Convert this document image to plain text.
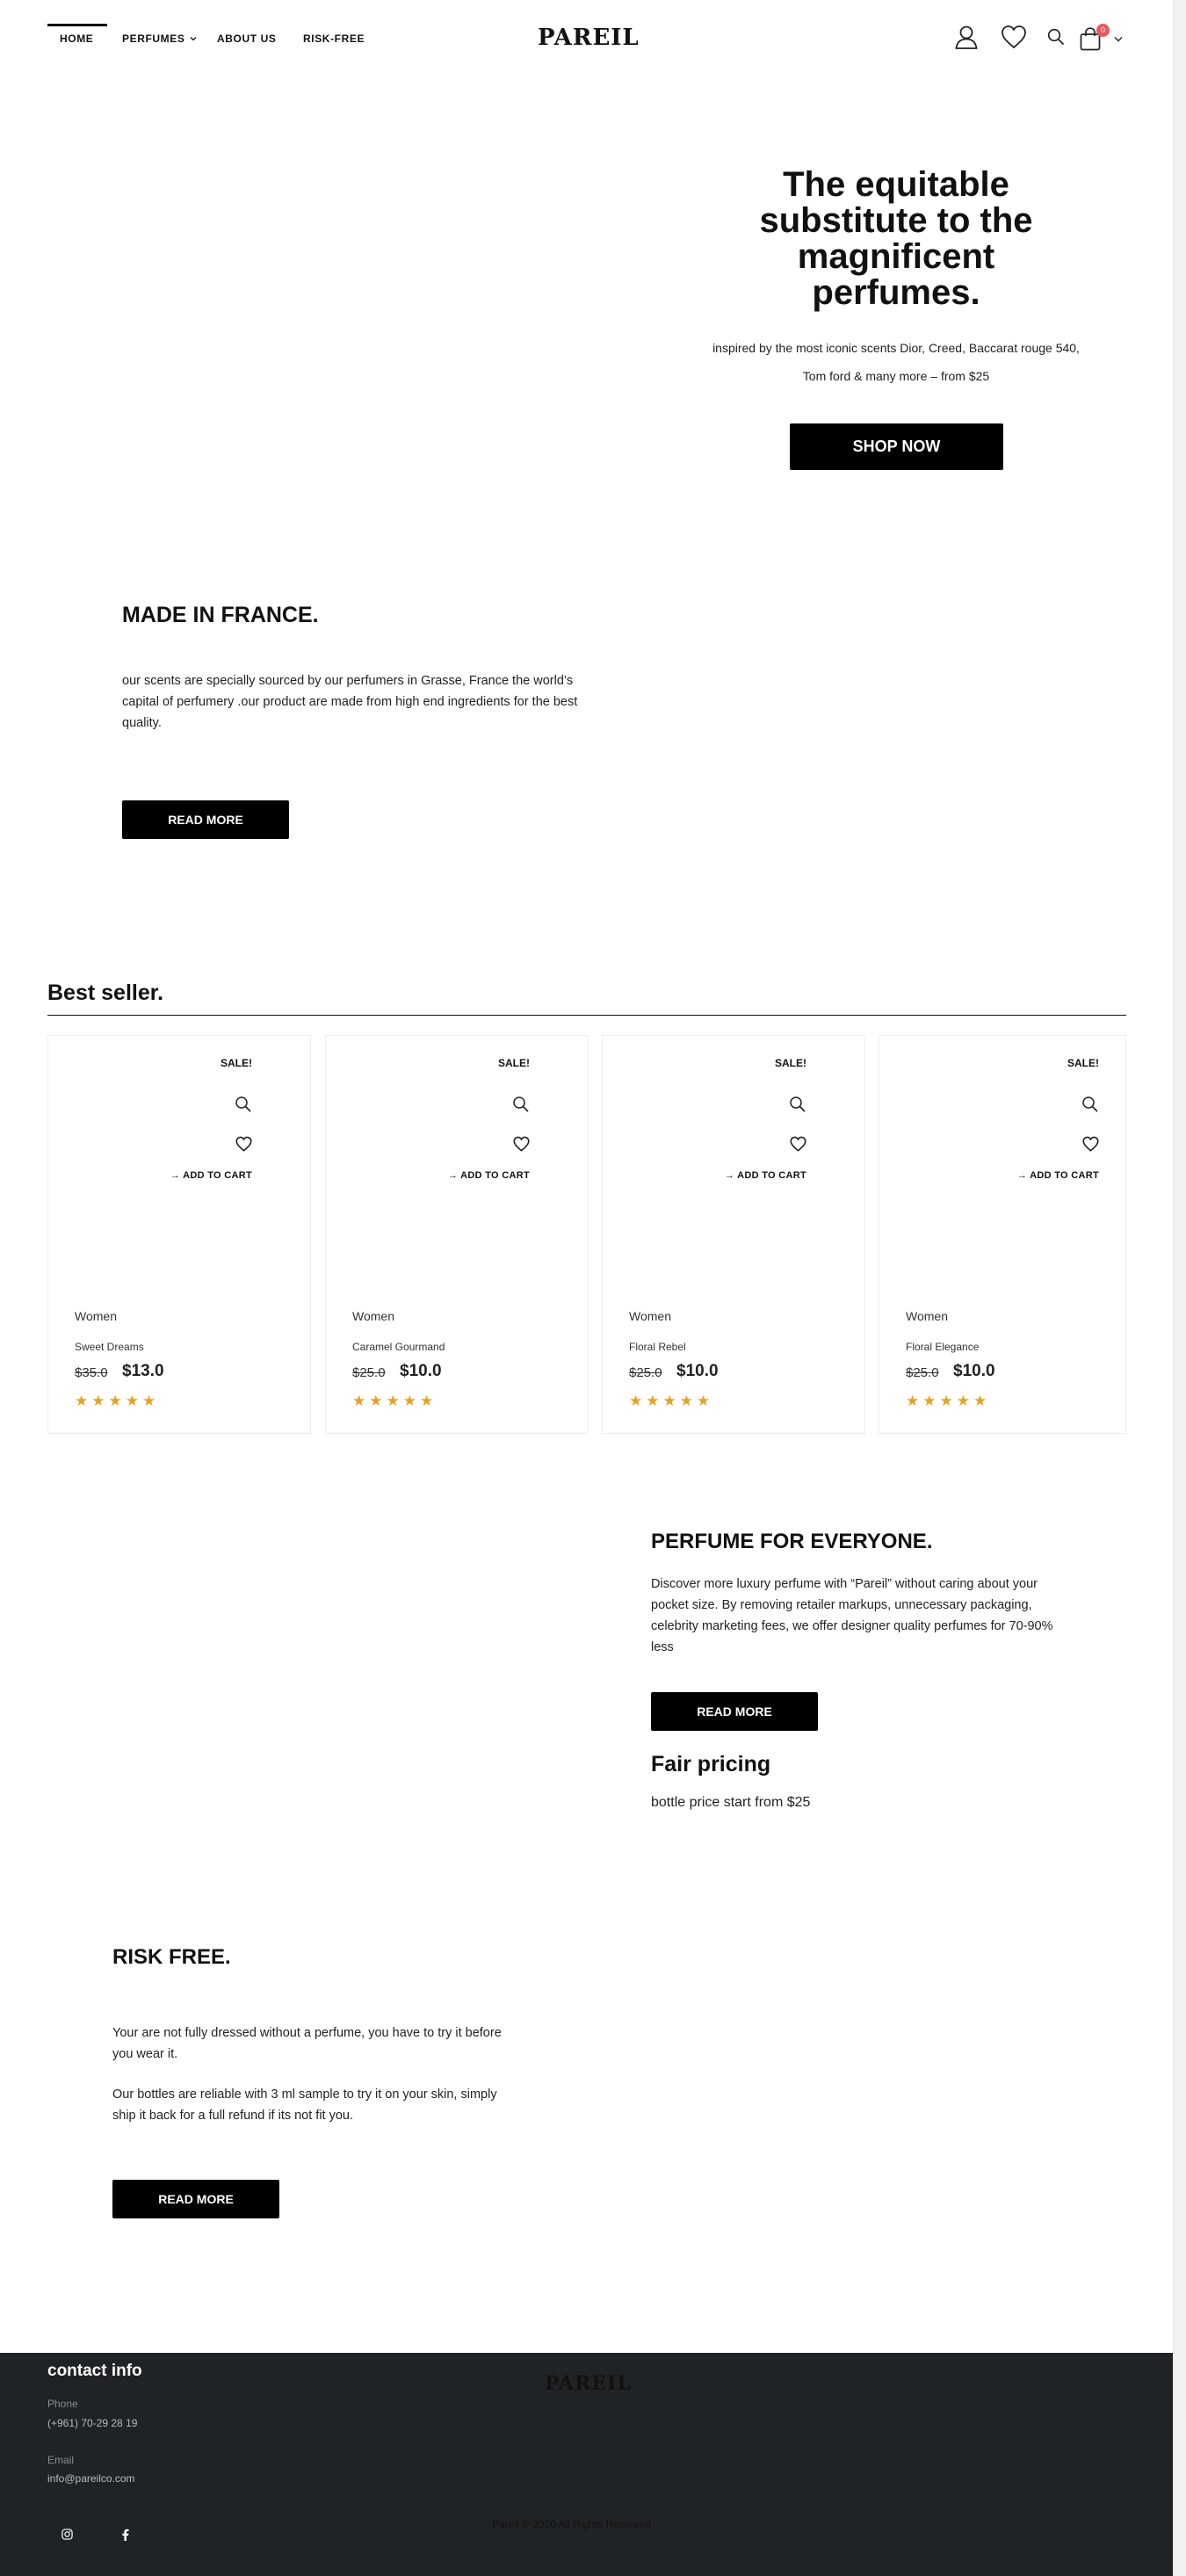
HOME	PERFUMES	ABOUT US	RISK-FREE	PAREIL	0
The equitable substitute to the magnificent perfumes.

inspired by the most iconic scents Dior, Creed, Baccarat rouge 540, Tom ford & many more – from $25

SHOP NOW
MADE IN FRANCE.

our scents are specially sourced by our perfumers in Grasse, France the world’s capital of perfumery .our product are made from high end ingredients for the best quality.

READ MORE
Best seller.
SALE!
→ ADD TO CART
Women
Sweet Dreams
$35.0 $13.0
★★★★★
SALE!
→ ADD TO CART
Women
Caramel Gourmand
$25.0 $10.0
★★★★★
SALE!
→ ADD TO CART
Women
Floral Rebel
$25.0 $10.0
★★★★★
SALE!
→ ADD TO CART
Women
Floral Elegance
$25.0 $10.0
★★★★★
PERFUME FOR EVERYONE.

Discover more luxury perfume with “Pareil” without caring about your pocket size. By removing retailer markups, unnecessary packaging, celebrity marketing fees, we offer designer quality perfumes for 70-90% less

READ MORE
Fair pricing

bottle price start from $25

RISK FREE.

Your are not fully dressed without a perfume, you have to try it before you wear it.

Our bottles are reliable with 3 ml sample to try it on your skin, simply ship it back for a full refund if its not fit you.

READ MORE
contact info
Phone
(+961) 70-29 28 19
Email
info@pareilco.com
PAREIL
Pareil © 2020 All Rights Reserved
